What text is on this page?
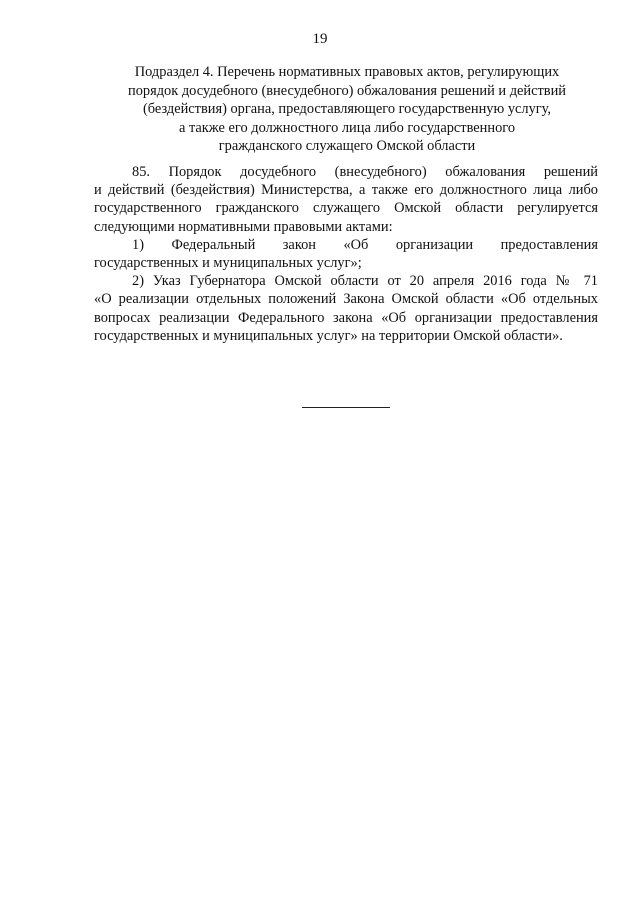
19
Подраздел 4. Перечень нормативных правовых актов, регулирующих
порядок досудебного (внесудебного) обжалования решений и действий
(бездействия) органа, предоставляющего государственную услугу,
а также его должностного лица либо государственного
гражданского служащего Омской области
85. Порядок досудебного (внесудебного) обжалования решений
и действий (бездействия) Министерства, а также его должностного лица либо
государственного гражданского служащего Омской области регулируется
следующими нормативными правовыми актами:
1) Федеральный закон «Об организации предоставления
государственных и муниципальных услуг»;
2) Указ Губернатора Омской области от 20 апреля 2016 года № 71
«О реализации отдельных положений Закона Омской области «Об отдельных
вопросах реализации Федерального закона «Об организации предоставления
государственных и муниципальных услуг» на территории Омской области».
